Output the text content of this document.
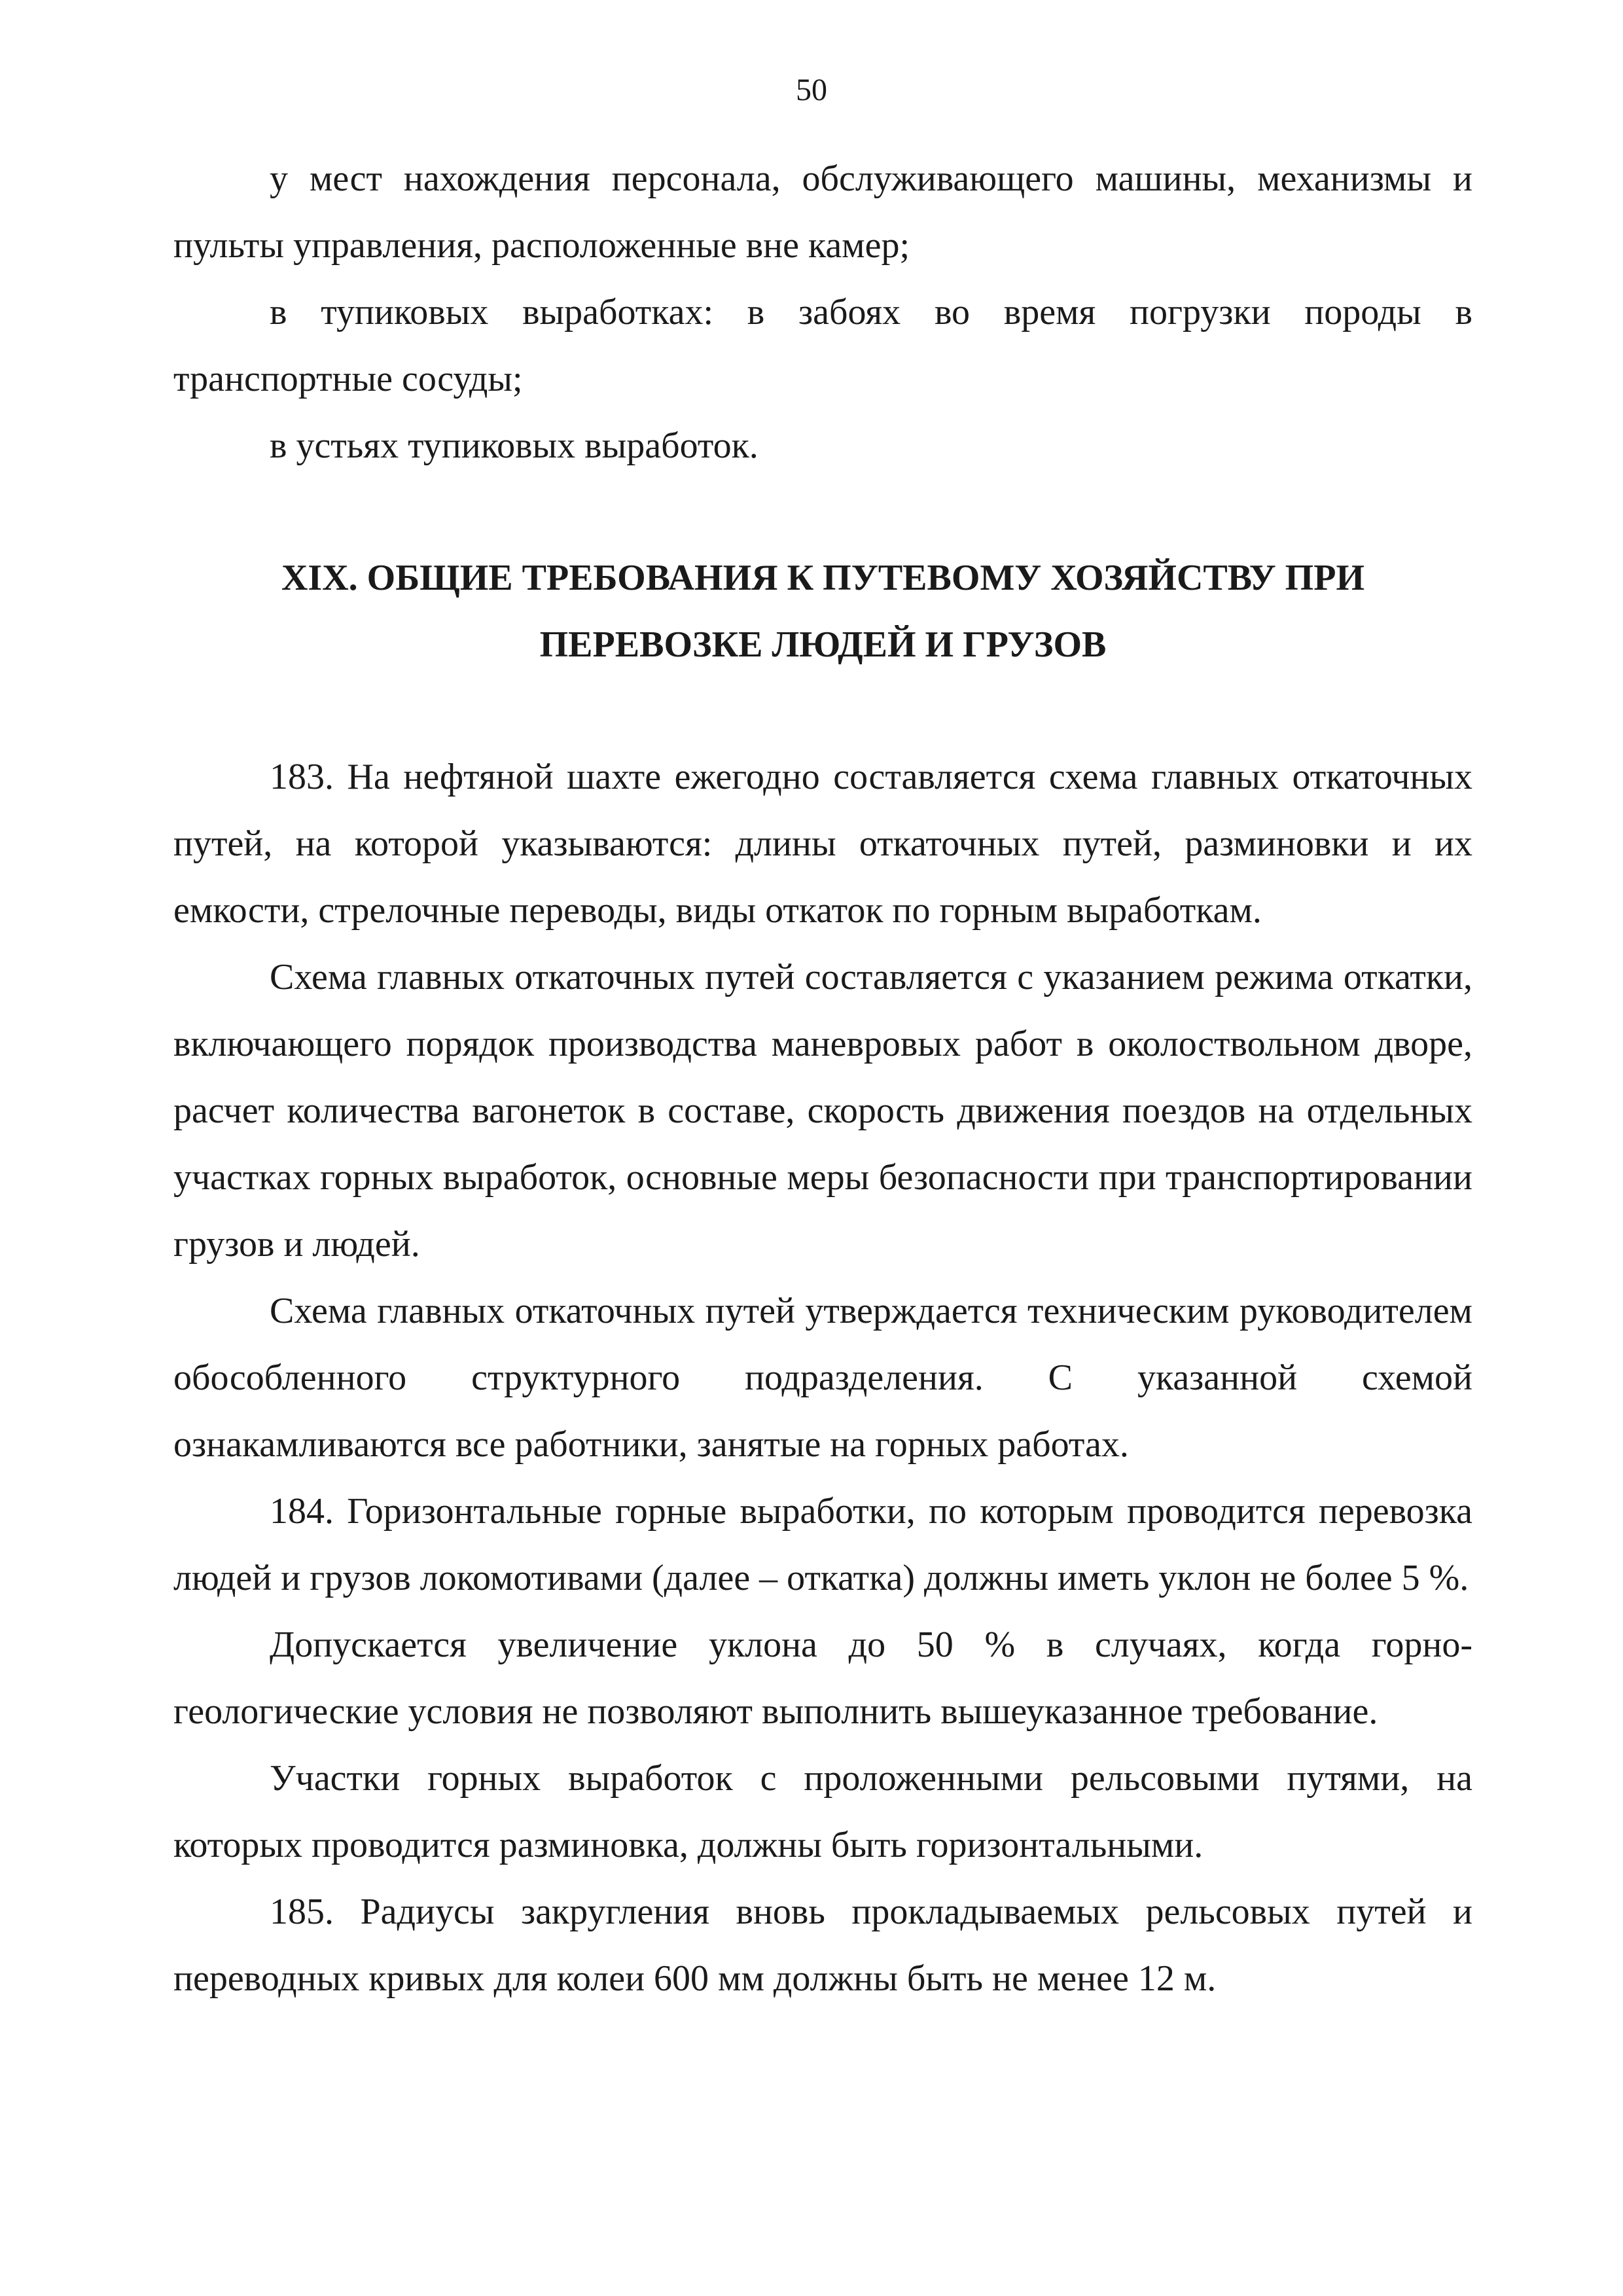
50

у мест нахождения персонала, обслуживающего машины, механизмы и пульты управления, расположенные вне камер;

в тупиковых выработках: в забоях во время погрузки породы в транспортные сосуды;

в устьях тупиковых выработок.

XIX. ОБЩИЕ ТРЕБОВАНИЯ К ПУТЕВОМУ ХОЗЯЙСТВУ ПРИ
ПЕРЕВОЗКЕ ЛЮДЕЙ И ГРУЗОВ

183. На нефтяной шахте ежегодно составляется схема главных откаточных путей, на которой указываются: длины откаточных путей, разминовки и их емкости, стрелочные переводы, виды откаток по горным выработкам.

Схема главных откаточных путей составляется с указанием режима откатки, включающего порядок производства маневровых работ в околоствольном дворе, расчет количества вагонеток в составе, скорость движения поездов на отдельных участках горных выработок, основные меры безопасности при транспортировании грузов и людей.

Схема главных откаточных путей утверждается техническим руководителем обособленного структурного подразделения. С указанной схемой ознакамливаются все работники, занятые на горных работах.

184. Горизонтальные горные выработки, по которым проводится перевозка людей и грузов локомотивами (далее – откатка) должны иметь уклон не более 5 %.

Допускается увеличение уклона до 50 % в случаях, когда горно-геологические условия не позволяют выполнить вышеуказанное требование.

Участки горных выработок с проложенными рельсовыми путями, на которых проводится разминовка, должны быть горизонтальными.

185. Радиусы закругления вновь прокладываемых рельсовых путей и переводных кривых для колеи 600 мм должны быть не менее 12 м.
